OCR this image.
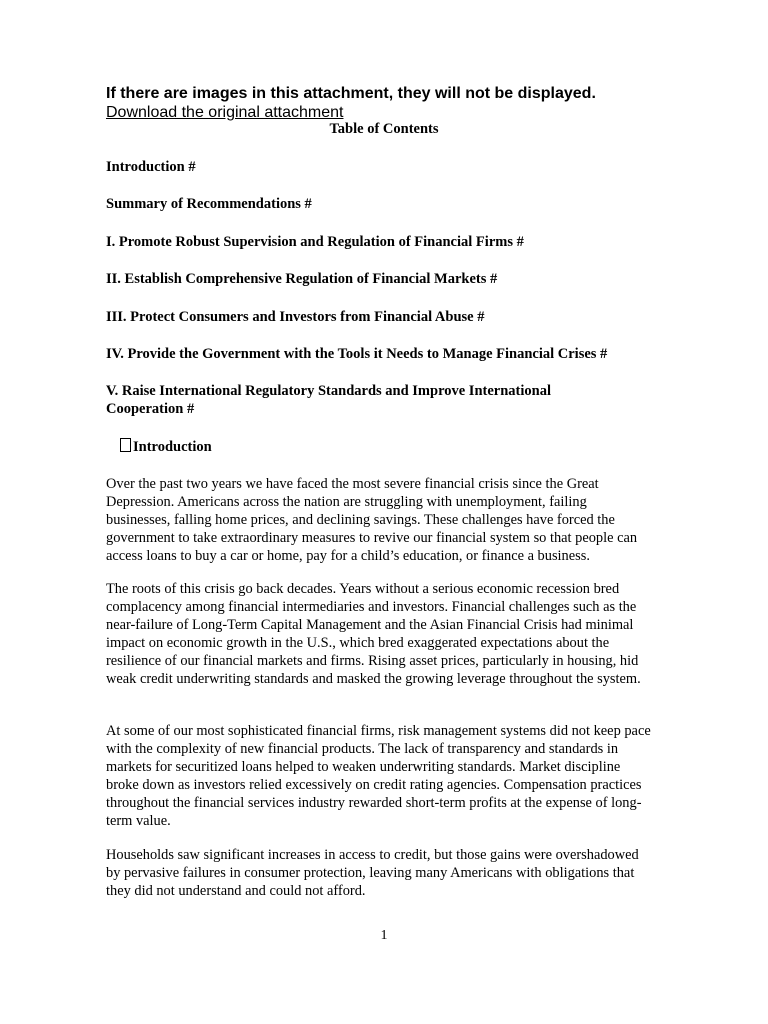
If there are images in this attachment, they will not be displayed. Download the original attachment
Table of Contents
Introduction #
Summary of Recommendations #
I. Promote Robust Supervision and Regulation of Financial Firms #
II. Establish Comprehensive Regulation of Financial Markets #
III. Protect Consumers and Investors from Financial Abuse #
IV. Provide the Government with the Tools it Needs to Manage Financial Crises #
V. Raise International Regulatory Standards and Improve International Cooperation #
Introduction
Over the past two years we have faced the most severe financial crisis since the Great Depression. Americans across the nation are struggling with unemployment, failing businesses, falling home prices, and declining savings. These challenges have forced the government to take extraordinary measures to revive our financial system so that people can access loans to buy a car or home, pay for a child’s education, or finance a business.
The roots of this crisis go back decades. Years without a serious economic recession bred complacency among financial intermediaries and investors. Financial challenges such as the near-failure of Long-Term Capital Management and the Asian Financial Crisis had minimal impact on economic growth in the U.S., which bred exaggerated expectations about the resilience of our financial markets and firms. Rising asset prices, particularly in housing, hid weak credit underwriting standards and masked the growing leverage throughout the system.
At some of our most sophisticated financial firms, risk management systems did not keep pace with the complexity of new financial products. The lack of transparency and standards in markets for securitized loans helped to weaken underwriting standards. Market discipline broke down as investors relied excessively on credit rating agencies. Compensation practices throughout the financial services industry rewarded short-term profits at the expense of long-term value.
Households saw significant increases in access to credit, but those gains were overshadowed by pervasive failures in consumer protection, leaving many Americans with obligations that they did not understand and could not afford.
1
